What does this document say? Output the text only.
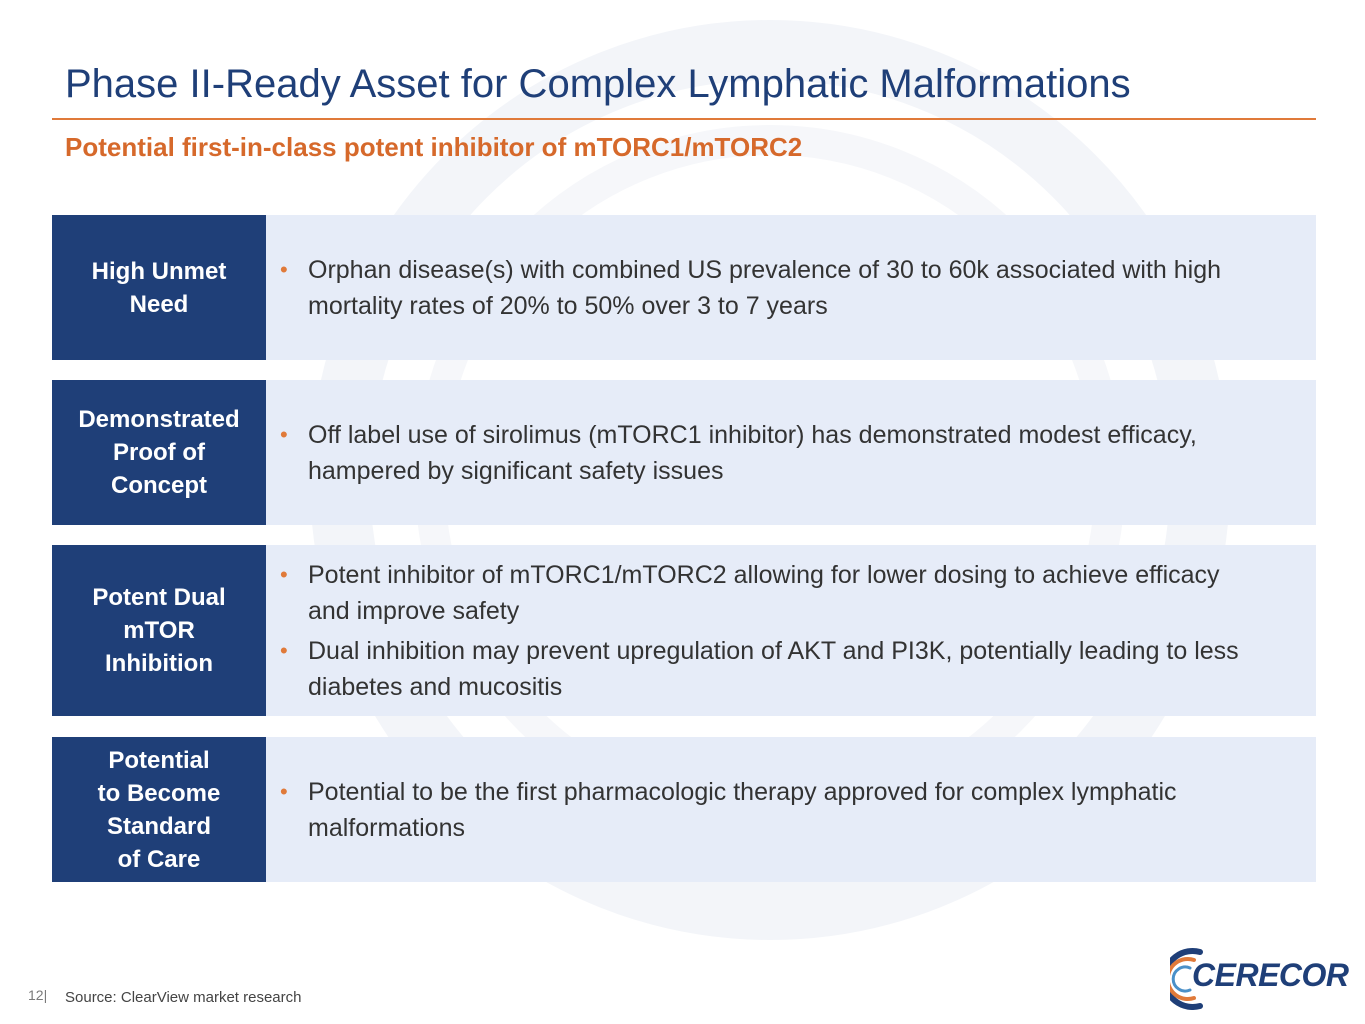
Phase II-Ready Asset for Complex Lymphatic Malformations
Potential first-in-class potent inhibitor of mTORC1/mTORC2
High Unmet
Need
• Orphan disease(s) with combined US prevalence of 30 to 60k associated with high mortality rates of 20% to 50% over 3 to 7 years
Demonstrated
Proof of
Concept
• Off label use of sirolimus (mTORC1 inhibitor) has demonstrated modest efficacy, hampered by significant safety issues
Potent Dual
mTOR
Inhibition
• Potent inhibitor of mTORC1/mTORC2 allowing for lower dosing to achieve efficacy and improve safety
• Dual inhibition may prevent upregulation of AKT and PI3K, potentially leading to less diabetes and mucositis
Potential
to Become
Standard
of Care
• Potential to be the first pharmacologic therapy approved for complex lymphatic malformations
12| Source: ClearView market research
CERECOR
